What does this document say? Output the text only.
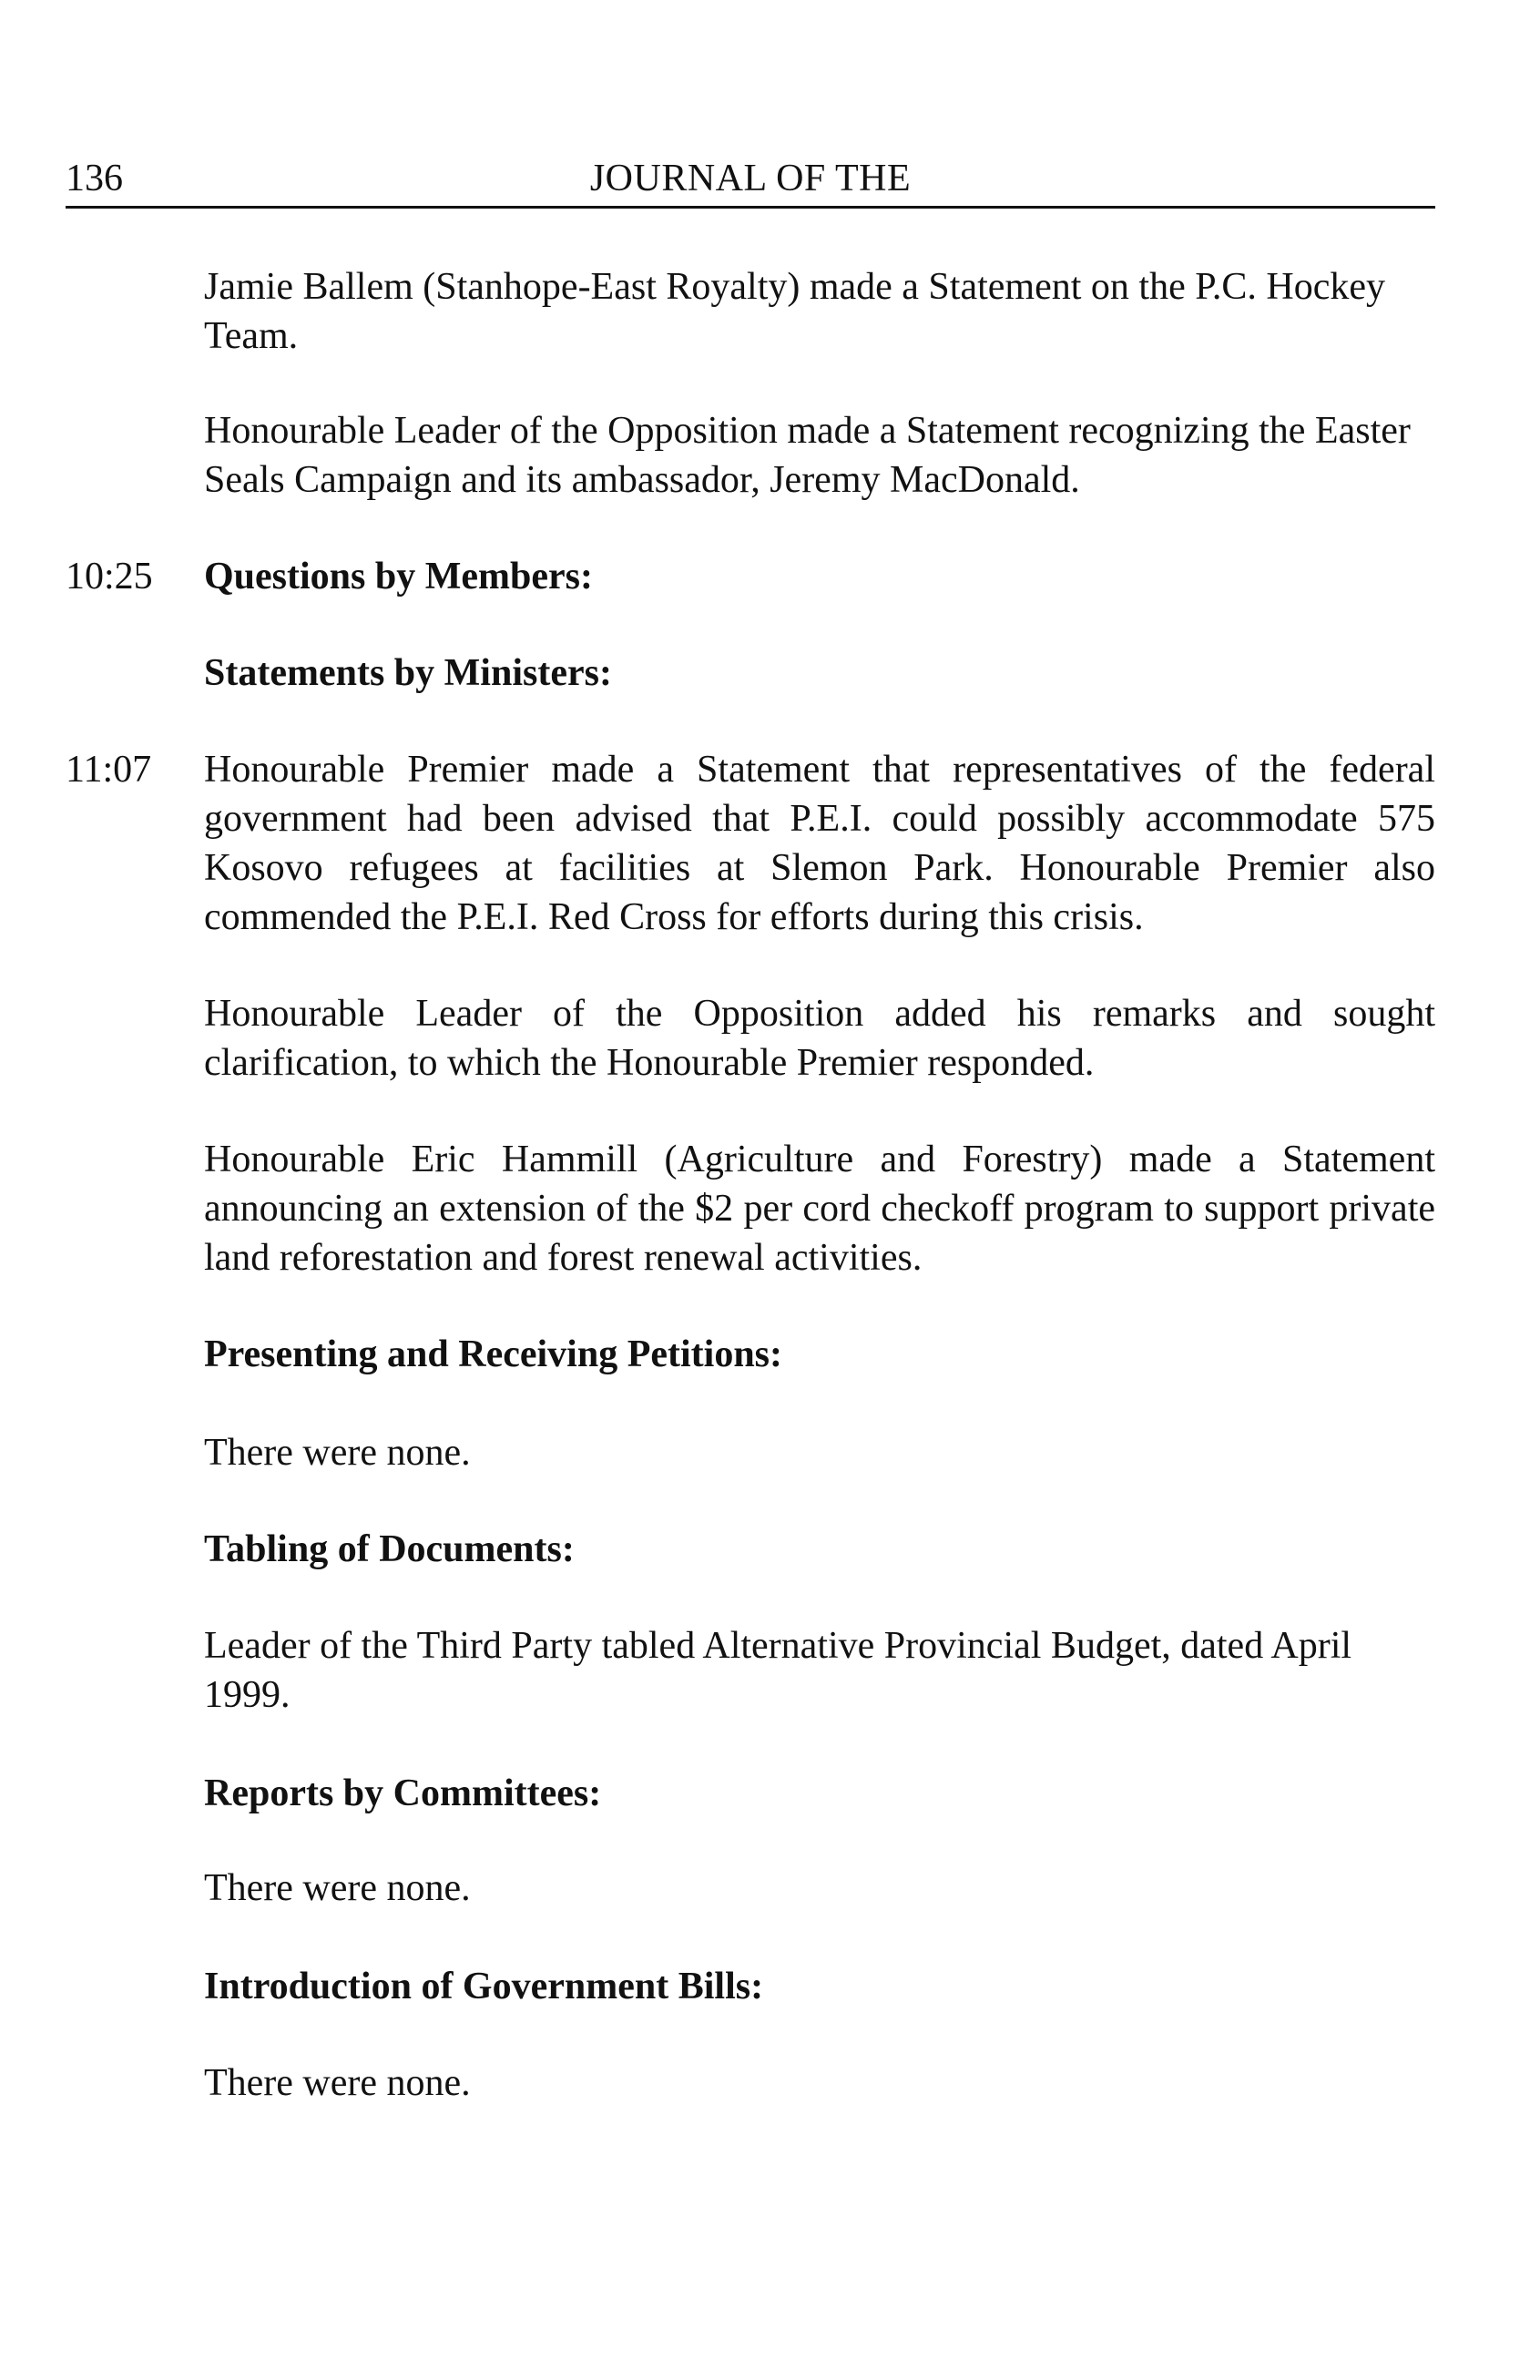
136	JOURNAL OF THE

Jamie Ballem (Stanhope-East Royalty) made a Statement on the P.C. Hockey Team.

Honourable Leader of the Opposition made a Statement recognizing the Easter Seals Campaign and its ambassador, Jeremy MacDonald.

10:25 Questions by Members:

Statements by Ministers:

11:07 Honourable Premier made a Statement that representatives of the federal government had been advised that P.E.I. could possibly accommodate 575 Kosovo refugees at facilities at Slemon Park. Honourable Premier also commended the P.E.I. Red Cross for efforts during this crisis.

Honourable Leader of the Opposition added his remarks and sought clarification, to which the Honourable Premier responded.

Honourable Eric Hammill (Agriculture and Forestry) made a Statement announcing an extension of the $2 per cord checkoff program to support private land reforestation and forest renewal activities.

Presenting and Receiving Petitions:

There were none.

Tabling of Documents:

Leader of the Third Party tabled Alternative Provincial Budget, dated April 1999.

Reports by Committees:

There were none.

Introduction of Government Bills:

There were none.
